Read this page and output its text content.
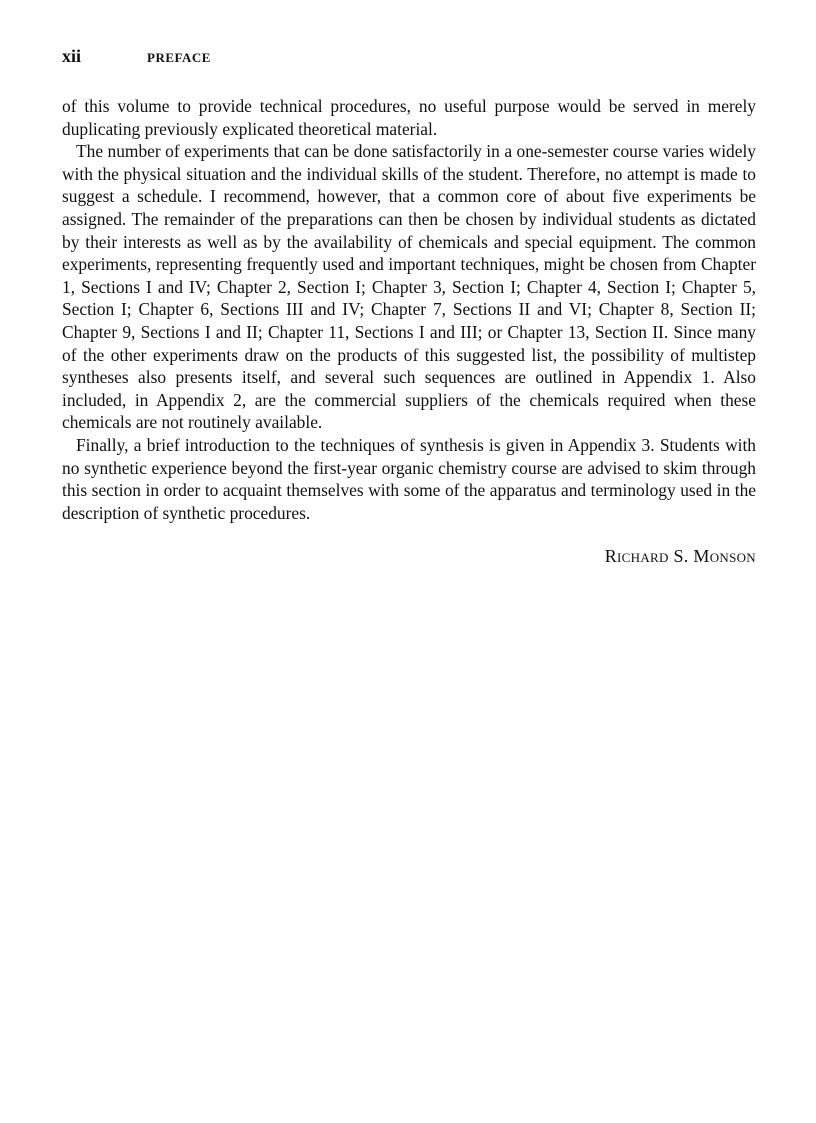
xii	PREFACE

of this volume to provide technical procedures, no useful purpose would be served in merely duplicating previously explicated theoretical material.

The number of experiments that can be done satisfactorily in a one-semester course varies widely with the physical situation and the individual skills of the student. Therefore, no attempt is made to suggest a schedule. I recommend, however, that a common core of about five experiments be assigned. The remainder of the preparations can then be chosen by individual students as dictated by their interests as well as by the availability of chemicals and special equipment. The common experiments, representing frequently used and important techniques, might be chosen from Chapter 1, Sections I and IV; Chapter 2, Section I; Chapter 3, Section I; Chapter 4, Section I; Chapter 5, Section I; Chapter 6, Sections III and IV; Chapter 7, Sections II and VI; Chapter 8, Section II; Chapter 9, Sections I and II; Chapter 11, Sections I and III; or Chapter 13, Section II. Since many of the other experiments draw on the products of this suggested list, the possibility of multistep syntheses also presents itself, and several such sequences are outlined in Appendix 1. Also included, in Appendix 2, are the commercial suppliers of the chemicals required when these chemicals are not routinely available.

Finally, a brief introduction to the techniques of synthesis is given in Appendix 3. Students with no synthetic experience beyond the first-year organic chemistry course are advised to skim through this section in order to acquaint themselves with some of the apparatus and terminology used in the description of synthetic procedures.

Richard S. Monson
